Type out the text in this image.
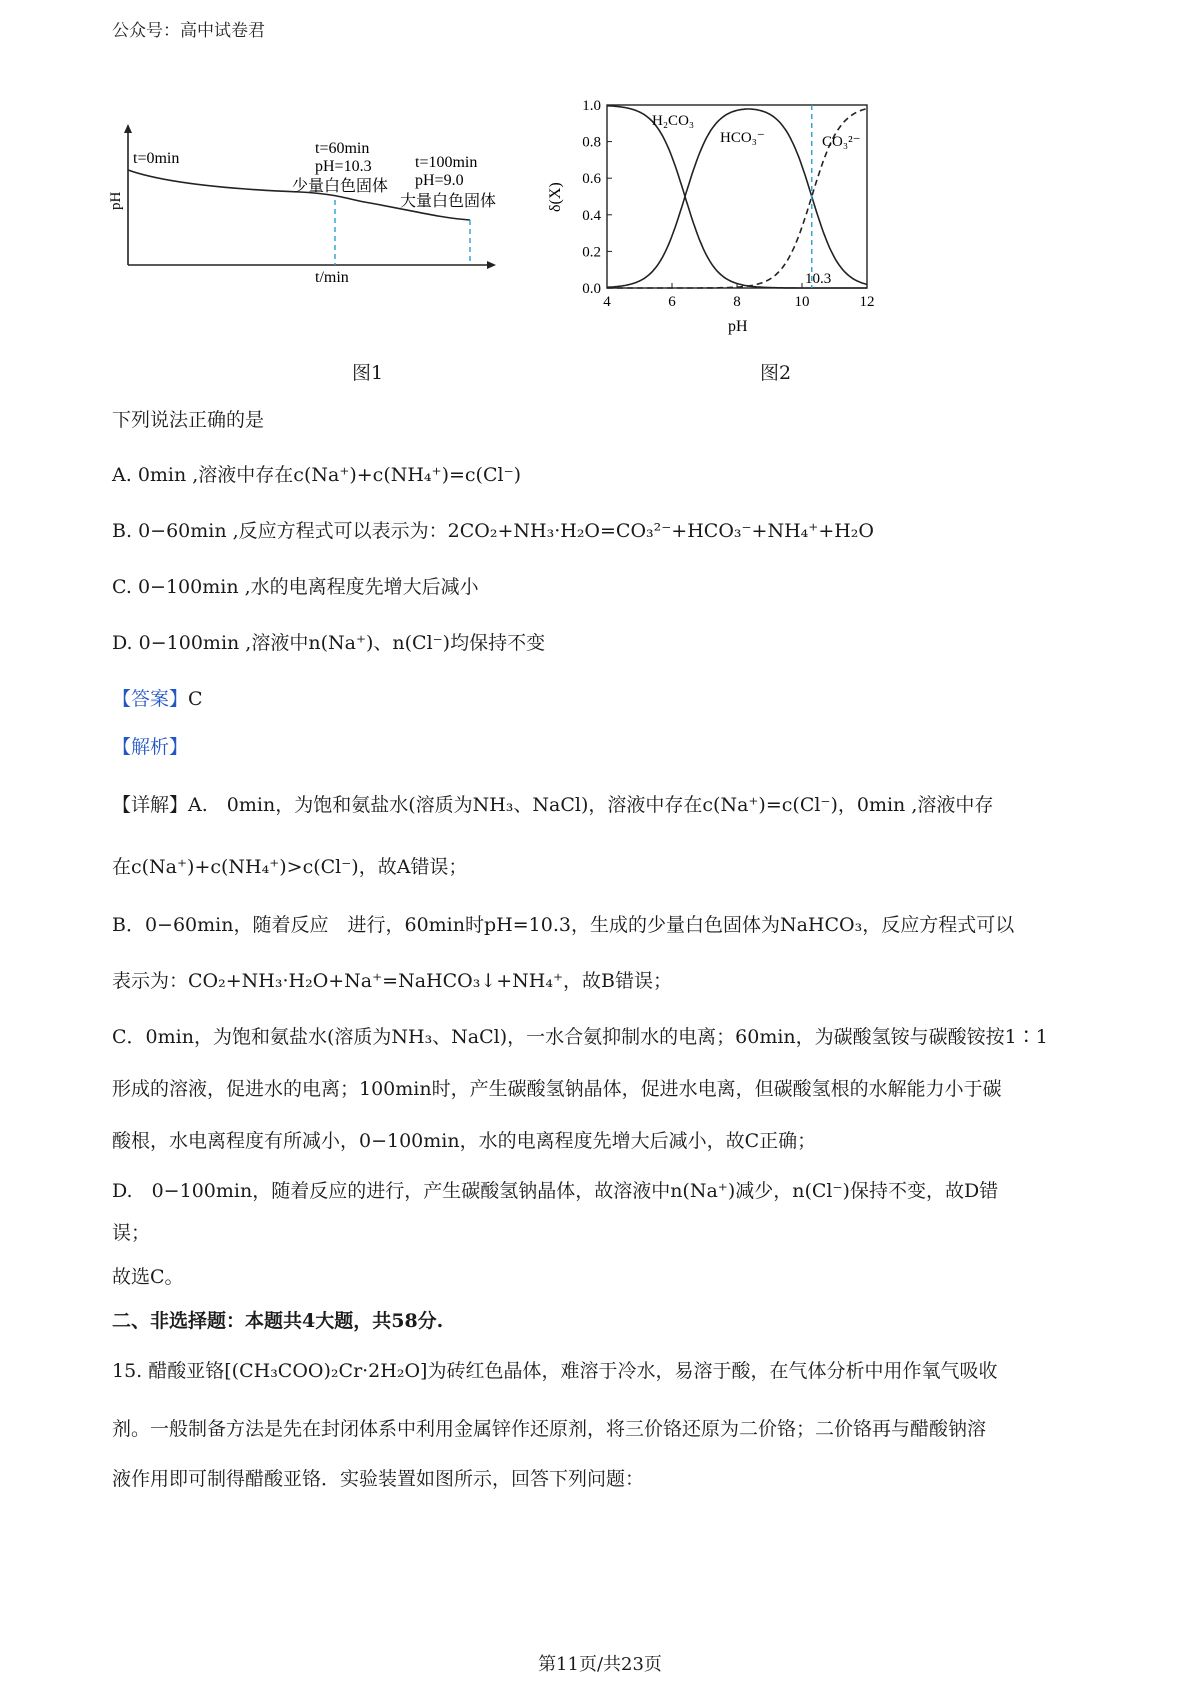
公众号：高中试卷君
pH
t/min
t=0min
t=60min
pH=10.3
少量白色固体
t=100min
pH=9.0
大量白色固体
图1
4	6	8	10	12
0.0
0.2
0.4
0.6
0.8
1.0
H₂CO₃
HCO₃⁻	CO₃²⁻
10.3
δ(X)
pH
图2
下列说法正确的是
A. 0min ,溶液中存在c(Na⁺)+c(NH₄⁺)=c(Cl⁻)
B. 0−60min ,反应方程式可以表示为：2CO₂+NH₃·H₂O=CO₃²⁻+HCO₃⁻+NH₄⁺+H₂O
C. 0−100min ,水的电离程度先增大后减小
D. 0−100min ,溶液中n(Na⁺)、n(Cl⁻)均保持不变
【答案】C
【解析】
【详解】A.　0min，为饱和氨盐水(溶质为NH₃、NaCl)，溶液中存在c(Na⁺)=c(Cl⁻)，0min ,溶液中存
在c(Na⁺)+c(NH₄⁺)>c(Cl⁻)，故A错误；
B．0−60min，随着反应　进行，60min时pH=10.3，生成的少量白色固体为NaHCO₃，反应方程式可以
表示为：CO₂+NH₃·H₂O+Na⁺=NaHCO₃↓+NH₄⁺，故B错误；
C．0min，为饱和氨盐水(溶质为NH₃、NaCl)，一水合氨抑制水的电离；60min，为碳酸氢铵与碳酸铵按1∶1
形成的溶液，促进水的电离；100min时，产生碳酸氢钠晶体，促进水电离，但碳酸氢根的水解能力小于碳
酸根，水电离程度有所减小，0−100min，水的电离程度先增大后减小，故C正确；
D.　0−100min，随着反应的进行，产生碳酸氢钠晶体，故溶液中n(Na⁺)减少，n(Cl⁻)保持不变，故D错
误；
故选C。
二、非选择题：本题共4大题，共58分.
15. 醋酸亚铬[(CH₃COO)₂Cr·2H₂O]为砖红色晶体，难溶于冷水，易溶于酸，在气体分析中用作氧气吸收
剂。一般制备方法是先在封闭体系中利用金属锌作还原剂，将三价铬还原为二价铬；二价铬再与醋酸钠溶
液作用即可制得醋酸亚铬．实验装置如图所示，回答下列问题：
第11页/共23页
